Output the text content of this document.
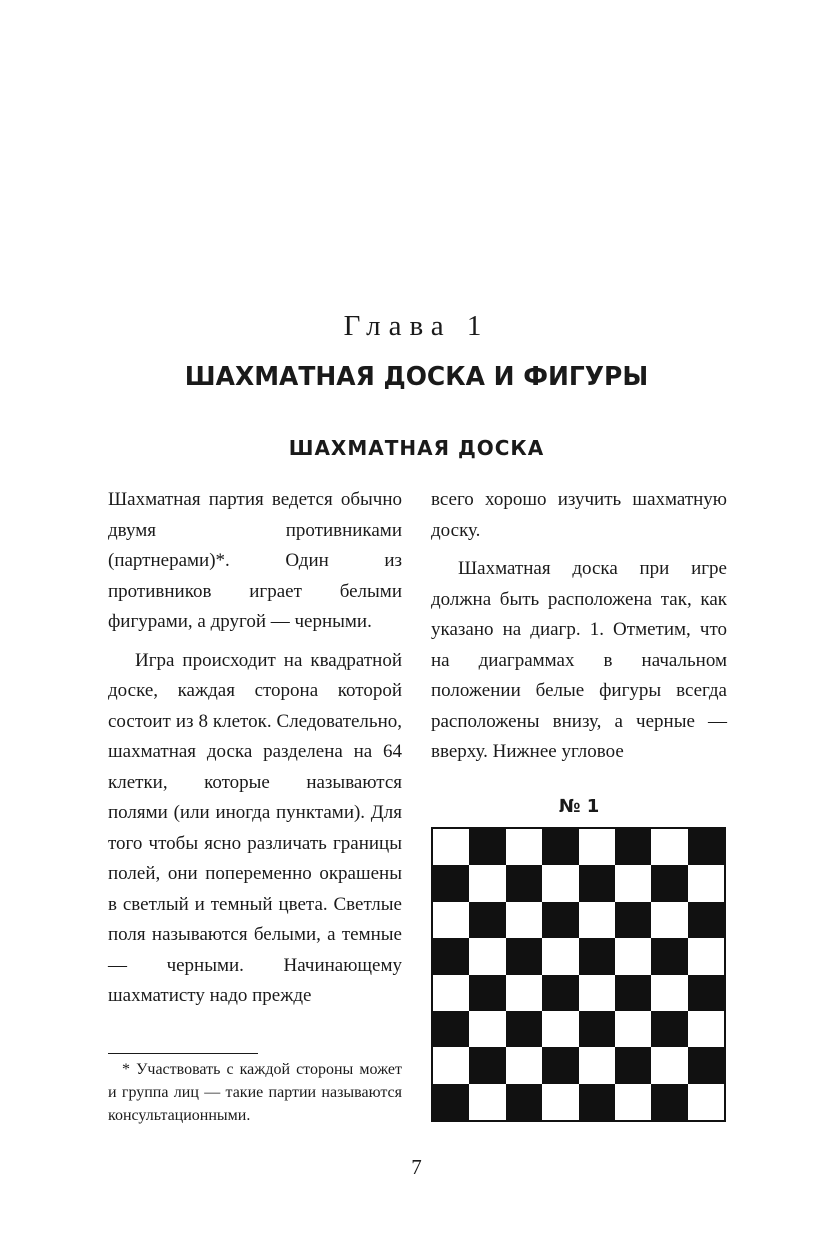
Глава 1
ШАХМАТНАЯ ДОСКА И ФИГУРЫ
ШАХМАТНАЯ ДОСКА

Шахматная партия ведется обычно двумя противниками (партнерами)*. Один из противников играет белыми фигурами, а другой — черными.

Игра происходит на квадратной доске, каждая сторона которой состоит из 8 клеток. Следовательно, шахматная доска разделена на 64 клетки, которые называются полями (или иногда пунктами). Для того чтобы ясно различать границы полей, они попеременно окрашены в светлый и темный цвета. Светлые поля называются белыми, а темные — черными. Начинающему шахматисту надо прежде

всего хорошо изучить шахматную доску.

Шахматная доска при игре должна быть расположена так, как указано на диагр. 1. Отметим, что на диаграммах в начальном положении белые фигуры всегда расположены внизу, а черные — вверху. Нижнее угловое

* Участвовать с каждой стороны может и группа лиц — такие партии называются консультационными.

№ 1
7
